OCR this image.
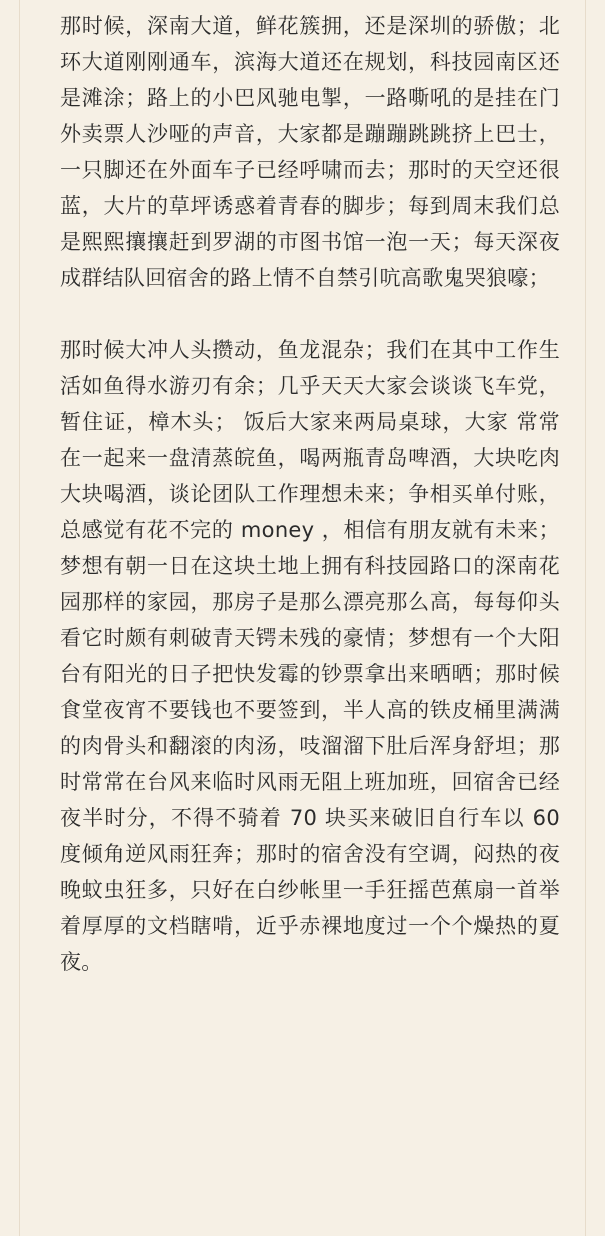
那时候，深南大道，鲜花簇拥，还是深圳的骄傲；北环大道刚刚通车，滨海大道还在规划，科技园南区还是滩涂；路上的小巴风驰电掣，一路嘶吼的是挂在门外卖票人沙哑的声音，大家都是蹦蹦跳跳挤上巴士，一只脚还在外面车子已经呼啸而去；那时的天空还很蓝，大片的草坪诱惑着青春的脚步；每到周末我们总是熙熙攘攘赶到罗湖的市图书馆一泡一天；每天深夜成群结队回宿舍的路上情不自禁引吭高歌鬼哭狼嚎；

那时候大冲人头攒动，鱼龙混杂；我们在其中工作生活如鱼得水游刃有余；几乎天天大家会谈谈飞车党，暂住证，樟木头； 饭后大家来两局桌球，大家 常常在一起来一盘清蒸皖鱼，喝两瓶青岛啤酒，大块吃肉大块喝酒，谈论团队工作理想未来；争相买单付账，总感觉有花不完的 money ，相信有朋友就有未来；梦想有朝一日在这块土地上拥有科技园路口的深南花园那样的家园，那房子是那么漂亮那么高，每每仰头看它时颇有刺破青天锷未残的豪情；梦想有一个大阳台有阳光的日子把快发霉的钞票拿出来晒晒；那时候食堂夜宵不要钱也不要签到，半人高的铁皮桶里满满的肉骨头和翻滚的肉汤，吱溜溜下肚后浑身舒坦；那时常常在台风来临时风雨无阻上班加班，回宿舍已经夜半时分，不得不骑着 70 块买来破旧自行车以 60 度倾角逆风雨狂奔；那时的宿舍没有空调，闷热的夜晚蚊虫狂多，只好在白纱帐里一手狂摇芭蕉扇一首举着厚厚的文档瞎啃，近乎赤裸地度过一个个燥热的夏夜。
